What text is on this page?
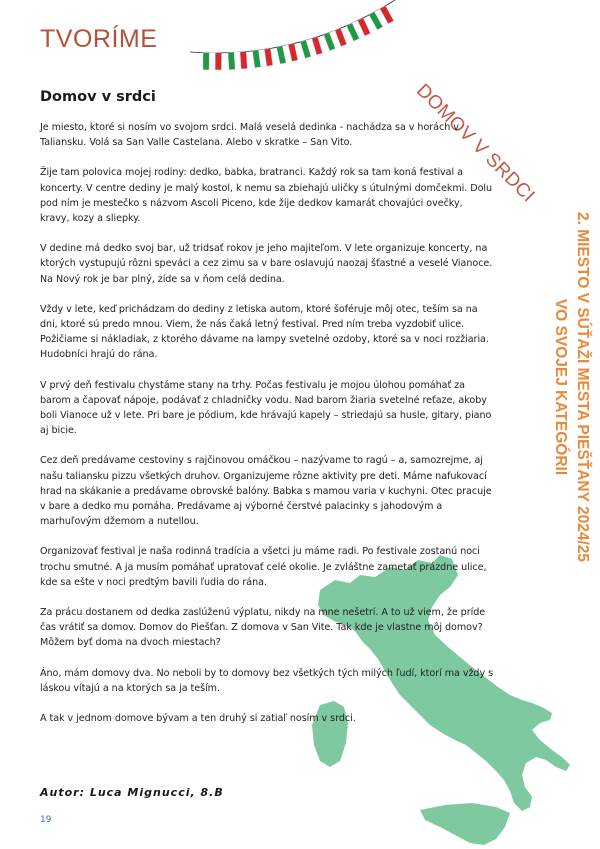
TVORÍME
DOMOV V SRDCI
2. MIESTO V SÚŤAŽI MESTA PIEŠŤANY 2024/25
VO SVOJEJ KATEGÓRII
Domov v srdci

Je miesto, ktoré si nosím vo svojom srdci. Malá veselá dedinka - nachádza sa v horách v Taliansku. Volá sa San Valle Castelana. Alebo v skratke – San Vito.

Žije tam polovica mojej rodiny: dedko, babka, bratranci. Každý rok sa tam koná festival a koncerty. V centre dediny je malý kostol, k nemu sa zbiehajú uličky s útulnými domčekmi. Dolu pod ním je mestečko s názvom Ascoli Piceno, kde žije dedkov kamarát chovajúci ovečky, kravy, kozy a sliepky.

V dedine má dedko svoj bar, už tridsať rokov je jeho majiteľom. V lete organizuje koncerty, na ktorých vystupujú rôzni speváci a cez zimu sa v bare oslavujú naozaj šťastné a veselé Vianoce. Na Nový rok je bar plný, zíde sa v ňom celá dedina.

Vždy v lete, keď prichádzam do dediny z letiska autom, ktoré šoféruje môj otec, teším sa na dni, ktoré sú predo mnou. Viem, že nás čaká letný festival. Pred ním treba vyzdobiť ulice. Požičiame si nákladiak, z ktorého dávame na lampy svetelné ozdoby, ktoré sa v noci rozžiaria. Hudobníci hrajú do rána.

V prvý deň festivalu chystáme stany na trhy. Počas festivalu je mojou úlohou pomáhať za barom a čapovať nápoje, podávať z chladničky vodu. Nad barom žiaria svetelné reťaze, akoby boli Vianoce už v lete. Pri bare je pódium, kde hrávajú kapely – striedajú sa husle, gitary, piano aj bicie.

Cez deň predávame cestoviny s rajčinovou omáčkou – nazývame to ragú – a, samozrejme, aj našu taliansku pizzu všetkých druhov. Organizujeme rôzne aktivity pre deti. Máme nafukovací hrad na skákanie a predávame obrovské balóny. Babka s mamou varia v kuchyni. Otec pracuje v bare a dedko mu pomáha. Predávame aj výborné čerstvé palacinky s jahodovým a marhuľovým džemom a nutellou.

Organizovať festival je naša rodinná tradícia a všetci ju máme radi. Po festivale zostanú noci trochu smutné. A ja musím pomáhať upratovať celé okolie. Je zvláštne zametať prázdne ulice, kde sa ešte v noci predtým bavili ľudia do rána.

Za prácu dostanem od dedka zaslúženú výplatu, nikdy na mne nešetrí. A to už viem, že príde čas vrátiť sa domov. Domov do Piešťan. Z domova v San Vite. Tak kde je vlastne môj domov? Môžem byť doma na dvoch miestach?

Áno, mám domovy dva. No neboli by to domovy bez všetkých tých milých ľudí, ktorí ma vždy s láskou vítajú a na ktorých sa ja teším.

A tak v jednom domove bývam a ten druhý si zatiaľ nosím v srdci.

Autor: Luca Mignucci, 8.B
19
